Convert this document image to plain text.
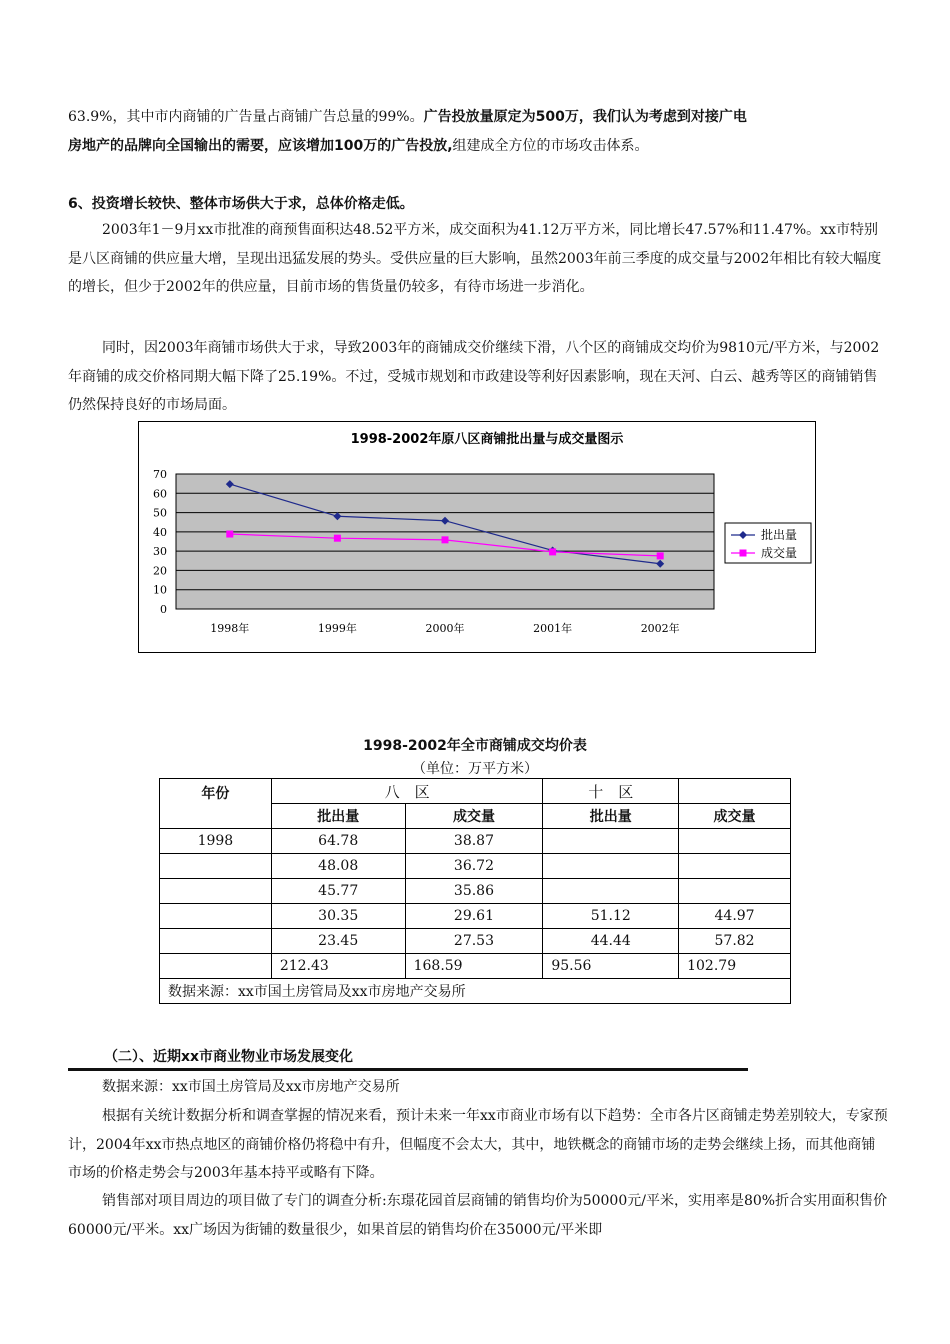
63.9%，其中市内商铺的广告量占商铺广告总量的99%。广告投放量原定为500万，我们认为考虑到对接广电
房地产的品牌向全国输出的需要，应该增加100万的广告投放,组建成全方位的市场攻击体系。

6、投资增长较快、整体市场供大于求，总体价格走低。

2003年1－9月xx市批准的商预售面积达48.52平方米，成交面积为41.12万平方米，同比增长47.57%和11.47%。xx市特别是八区商铺的供应量大增，呈现出迅猛发展的势头。受供应量的巨大影响，虽然2003年前三季度的成交量与2002年相比有较大幅度的增长，但少于2002年的供应量，目前市场的售货量仍较多，有待市场进一步消化。

同时，因2003年商铺市场供大于求，导致2003年的商铺成交价继续下滑，八个区的商铺成交均价为9810元/平方米，与2002年商铺的成交价格同期大幅下降了25.19%。不过，受城市规划和市政建设等利好因素影响，现在天河、白云、越秀等区的商铺销售仍然保持良好的市场局面。

1998-2002年原八区商铺批出量与成交量图示
0
10
20
30
40
50
60
70
1998年	1999年	2000年	2001年	2002年
批出量
成交量

1998-2002年全市商铺成交均价表

（单位：万平方米）

年份	八　区		十　区	
	批出量	成交量	批出量	成交量
1998	64.78	38.87		
	48.08	36.72		
	45.77	35.86		
	30.35	29.61	51.12	44.97
	23.45	27.53	44.44	57.82
	212.43	168.59	95.56	102.79
数据来源：xx市国土房管局及xx市房地产交易所				

（二）、近期xx市商业物业市场发展变化

数据来源：xx市国土房管局及xx市房地产交易所

根据有关统计数据分析和调查掌握的情况来看，预计未来一年xx市商业市场有以下趋势：全市各片区商铺走势差别较大，专家预计，2004年xx市热点地区的商铺价格仍将稳中有升，但幅度不会太大，其中，地铁概念的商铺市场的走势会继续上扬，而其他商铺市场的价格走势会与2003年基本持平或略有下降。

销售部对项目周边的项目做了专门的调查分析:东璟花园首层商铺的销售均价为50000元/平米，实用率是80%折合实用面积售价60000元/平米。xx广场因为街铺的数量很少，如果首层的销售均价在35000元/平米即
